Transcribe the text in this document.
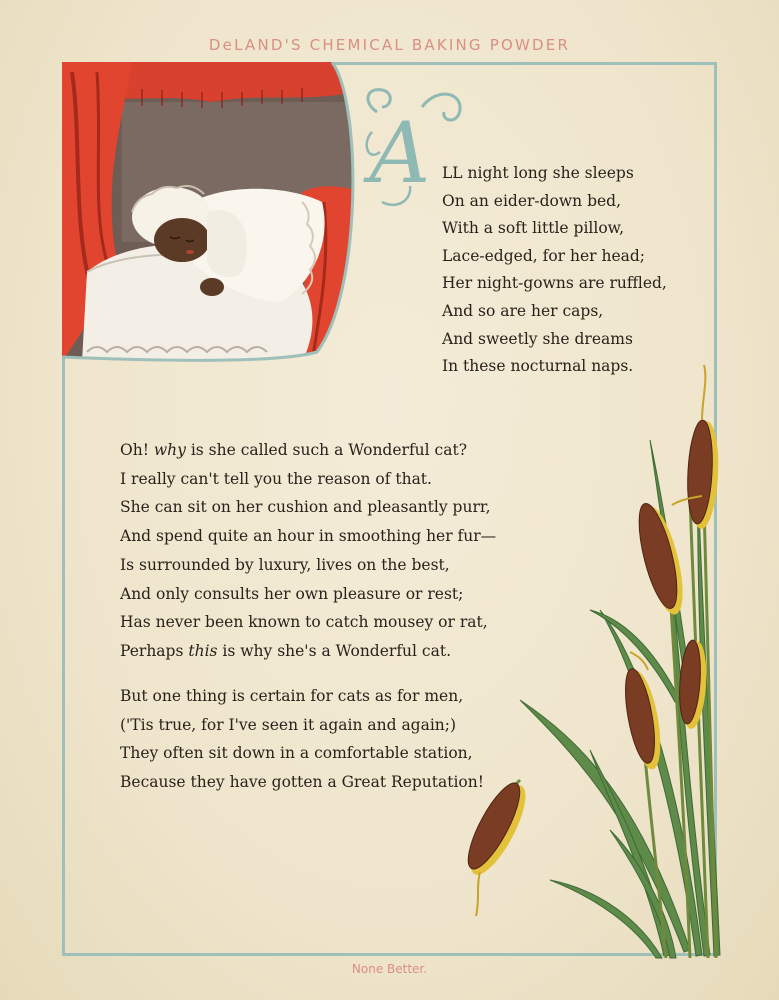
DeLAND'S CHEMICAL BAKING POWDER
A LL night long she sleeps
On an eider-down bed,
With a soft little pillow,
Lace-edged, for her head;
Her night-gowns are ruffled,
And so are her caps,
And sweetly she dreams
In these nocturnal naps.
Oh! why is she called such a Wonderful cat?
I really can't tell you the reason of that.
She can sit on her cushion and pleasantly purr,
And spend quite an hour in smoothing her fur—
Is surrounded by luxury, lives on the best,
And only consults her own pleasure or rest;
Has never been known to catch mousey or rat,
Perhaps this is why she's a Wonderful cat.
But one thing is certain for cats as for men,
('Tis true, for I've seen it again and again;)
They often sit down in a comfortable station,
Because they have gotten a Great Reputation!
None Better.
